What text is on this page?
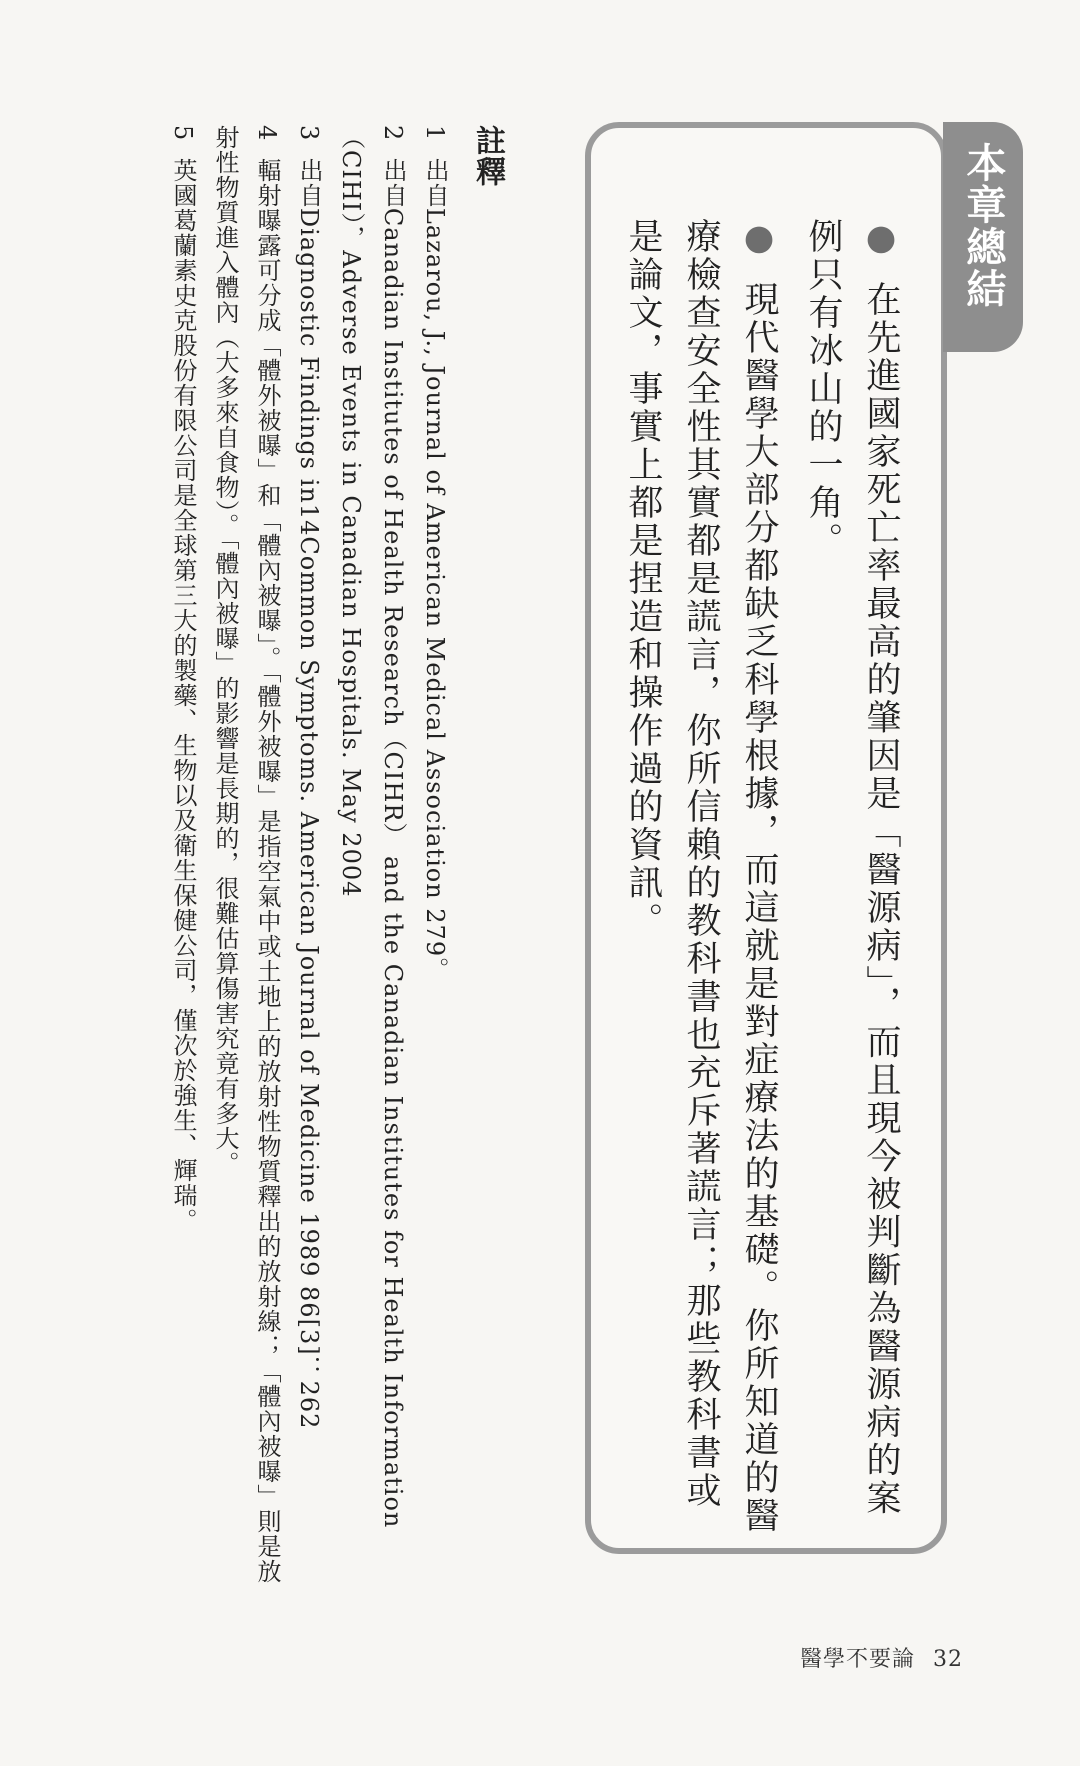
本章總結
●在先進國家死亡率最高的肇因是「醫源病」，而且現今被判斷為醫源病的案例只有冰山的一角。
●現代醫學大部分都缺乏科學根據，而這就是對症療法的基礎。你所知道的醫療檢查安全性其實都是謊言，你所信賴的教科書也充斥著謊言；那些教科書或是論文，事實上都是捏造和操作過的資訊。
註釋
1 出自Lazarou, J., Journal of American Medical Association 279。
2 出自Canadian Institutes of Health Research（CIHR） and the Canadian Institutes for Health Information（CIHI），Adverse Events in Canadian Hospitals. May 2004
3 出自Diagnostic Findings in14Common Symptoms. American Journal of Medicine 1989 86[3]：262
4 輻射曝露可分成「體外被曝」和「體內被曝」。「體外被曝」是指空氣中或土地上的放射性物質釋出的放射線；「體內被曝」則是放射性物質進入體內（大多來自食物）。「體內被曝」的影響是長期的，很難估算傷害究竟有多大。
5 英國葛蘭素史克股份有限公司是全球第三大的製藥、生物以及衛生保健公司，僅次於強生、輝瑞。
醫學不要論 32
